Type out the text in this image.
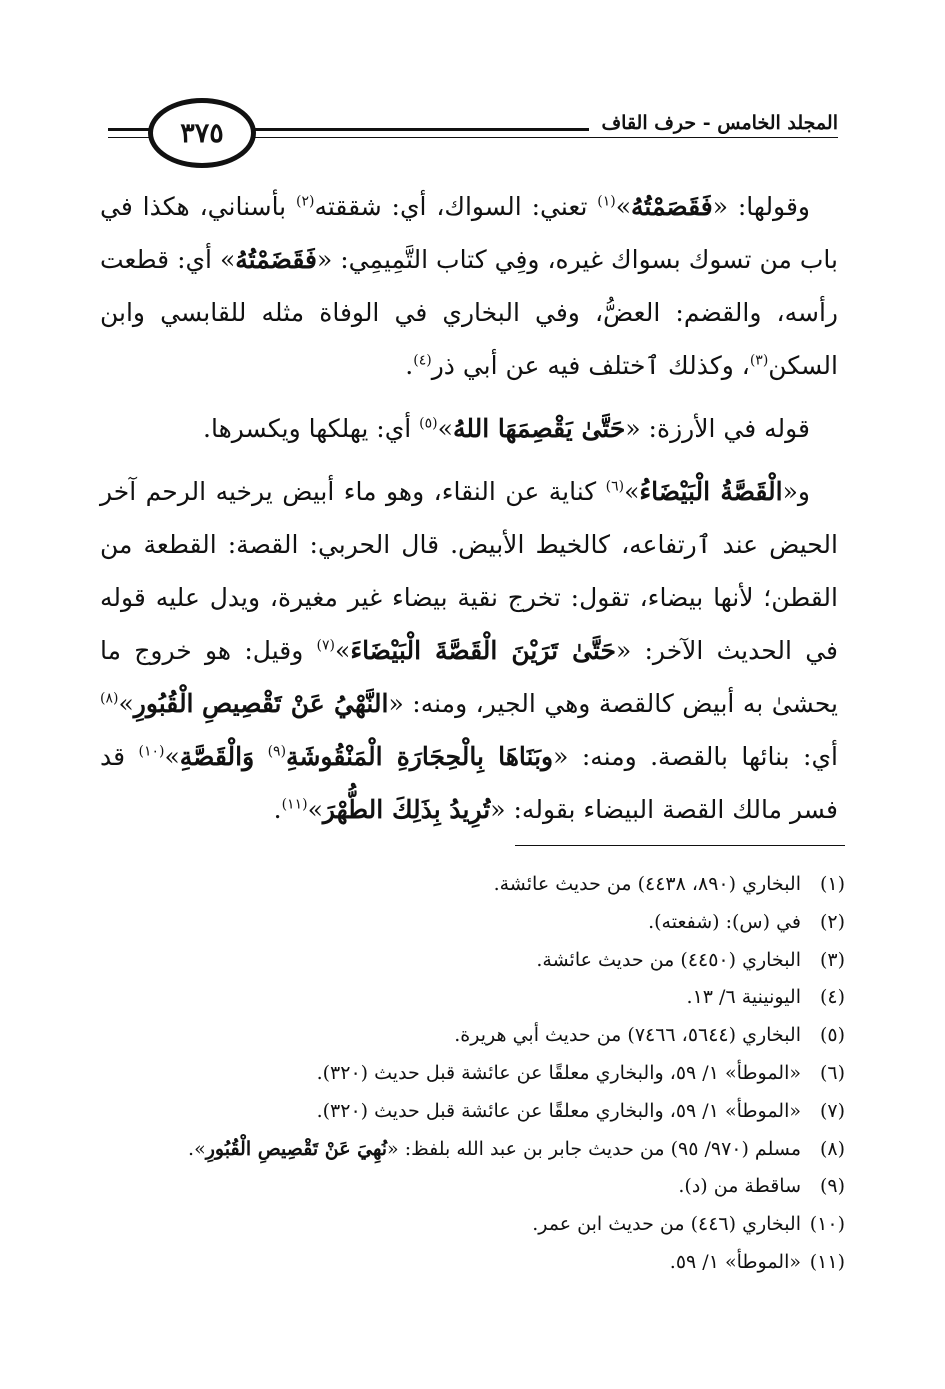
٣٧٥	المجلد الخامس - حرف القاف

وقولها: «فَقَصَمْتُهُ»$^{(١)}$ تعني: السواك، أي: شققته$^{(٢)}$ بأسناني، هكذا في باب من تسوك بسواك غيره، وفِي كتاب التَّمِيمِي: «فَقَضَمْتُهُ» أي: قطعت رأسه، والقضم: العضُّ، وفي البخاري في الوفاة مثله للقابسي وابن السكن$^{(٣)}$، وكذلك ٱختلف فيه عن أبي ذر$^{(٤)}$.

قوله في الأرزة: «حَتَّىٰ يَقْصِمَهَا اللهُ»$^{(٥)}$ أي: يهلكها ويكسرها.

و«الْقَصَّةُ الْبَيْضَاءُ»$^{(٦)}$ كناية عن النقاء، وهو ماء أبيض يرخيه الرحم آخر الحيض عند ٱرتفاعه، كالخيط الأبيض. قال الحربي: القصة: القطعة من القطن؛ لأنها بيضاء، تقول: تخرج نقية بيضاء غير مغيرة، ويدل عليه قوله في الحديث الآخر: «حَتَّىٰ تَرَيْنَ الْقَصَّةَ الْبَيْضَاءَ»$^{(٧)}$ وقيل: هو خروج ما يحشىٰ به أبيض كالقصة وهي الجير، ومنه: «النَّهْيُ عَنْ تَقْصِيصِ الْقُبُورِ»$^{(٨)}$ أي: بنائها بالقصة. ومنه: «وبَنَاهَا بِالْحِجَارَةِ الْمَنْقُوشَةِ$^{(٩)}$ وَالْقَصَّةِ»$^{(١٠)}$ قد فسر مالك القصة البيضاء بقوله: «تُرِيدُ بِذَلِكَ الطُّهْرَ»$^{(١١)}$.

(١)البخاري (٨٩٠، ٤٤٣٨) من حديث عائشة.
(٢)في (س): (شفعته).
(٣)البخاري (٤٤٥٠) من حديث عائشة.
(٤)اليونينية ٦/ ١٣.
(٥)البخاري (٥٦٤٤، ٧٤٦٦) من حديث أبي هريرة.
(٦)«الموطأ» ١/ ٥٩، والبخاري معلقًا عن عائشة قبل حديث (٣٢٠).
(٧)«الموطأ» ١/ ٥٩، والبخاري معلقًا عن عائشة قبل حديث (٣٢٠).
(٨)مسلم (٩٧٠/ ٩٥) من حديث جابر بن عبد الله بلفظ: «نُهِيَ عَنْ تَقْصِيصِ الْقُبُورِ».
(٩)ساقطة من (د).
(١٠)البخاري (٤٤٦) من حديث ابن عمر.
(١١)«الموطأ» ١/ ٥٩.
